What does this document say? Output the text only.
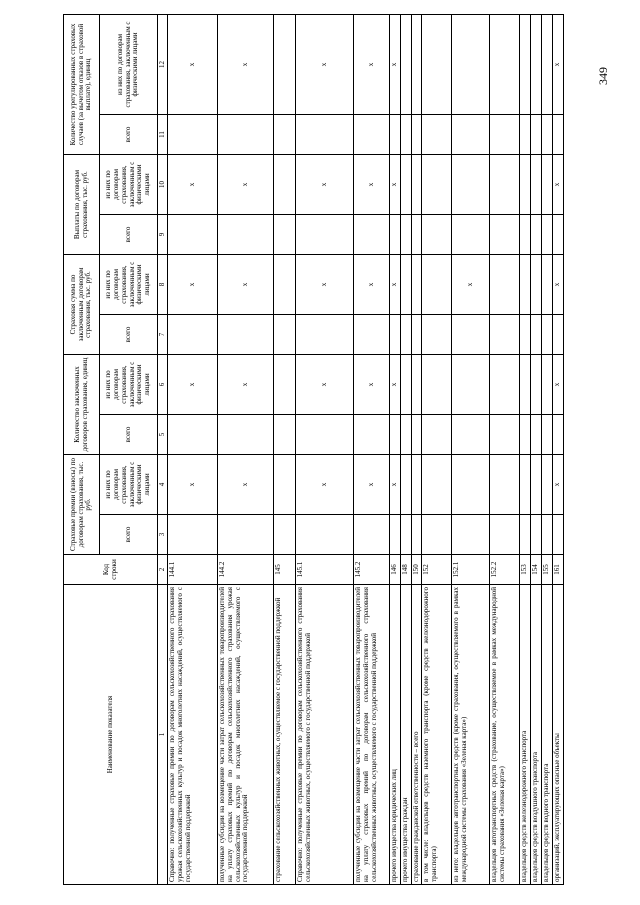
349
Наименование показателя	Код строки	Страховые премии (взносы) по договорам страхования, тыс. руб.		Количество заключенных договоров страхования, единиц		Страховая сумма по заключенным договорам страхования, тыс. руб.		Выплаты по договорам страхования, тыс. руб.		Количество урегулированных страховых случаев (за вычетом отказов в страховой выплате), единиц	
		всего	из них по договорам страхования, заключенным с физическими лицами	всего	из них по договорам страхования, заключенным с физическими лицами	всего	из них по договорам страхования, заключенным с физическими лицами	всего	из них по договорам страхования, заключенным с физическими лицами	всего	из них по договорам страхования, заключенным с физическими лицами
1	2	3	4	5	6	7	8	9	10	11	12
Справочно: полученные страховые премии по договорам сельскохозяйственного страхования урожая сельскохозяйственных культур и посадок многолетних насаждений, осуществляемого с государственной поддержкой	144.1		x		x		x		x		x
полученные субсидии на возмещение части затрат сельскохозяйственных товаропроизводителей на уплату страховых премий по договорам сельскохозяйственного страхования урожая сельскохозяйственных культур и посадок многолетних насаждений, осуществляемого с государственной поддержкой	144.2		x		x		x		x		x
страхование сельскохозяйственных животных, осуществляемое с государственной поддержкой	145										
Справочно: полученные страховые премии по договорам сельскохозяйственного страхования сельскохозяйственных животных, осуществляемого с государственной поддержкой	145.1		x		x		x		x		x
полученные субсидии на возмещение части затрат сельскохозяйственных товаропроизводителей на уплату страховых премий по договорам сельскохозяйственного страхования сельскохозяйственных животных, осуществляемого с государственной поддержкой	145.2		x		x		x		x		x
прочего имущества юридических лиц	146		x		x		x		x		x
прочего имущества граждан	148										
страхование гражданской ответственности – всего	150										
в том числе: владельцев средств наземного транспорта (кроме средств железнодорожного транспорта)	152										
из него: владельцев автотранспортных средств (кроме страхования, осуществляемого в рамках международной системы страхования «Зеленая карта»)	152.1						x				
владельцев автотранспортных средств (страхование, осуществляемое в рамках международной системы страхования «Зеленая карта»)	152.2										
владельцев средств железнодорожного транспорта	153										
владельцев средств воздушного транспорта	154										
владельцев средств водного транспорта	155										
организаций, эксплуатирующих опасные объекты	161		x		x		x		x		x
